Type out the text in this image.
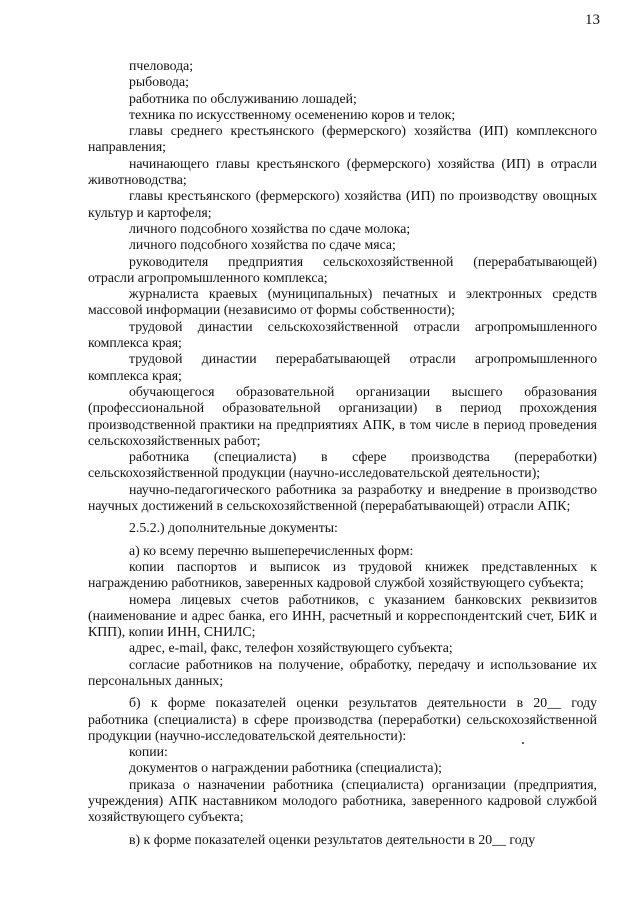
13

пчеловода;

рыбовода;

работника по обслуживанию лошадей;

техника по искусственному осеменению коров и телок;

главы среднего крестьянского (фермерского) хозяйства (ИП) комплексного направления;

начинающего главы крестьянского (фермерского) хозяйства (ИП) в отрасли животноводства;

главы крестьянского (фермерского) хозяйства (ИП) по производству овощных культур и картофеля;

личного подсобного хозяйства по сдаче молока;

личного подсобного хозяйства по сдаче мяса;

руководителя предприятия сельскохозяйственной (перерабатывающей) отрасли агропромышленного комплекса;

журналиста краевых (муниципальных) печатных и электронных средств массовой информации (независимо от формы собственности);

трудовой династии сельскохозяйственной отрасли агропромышленного комплекса края;

трудовой династии перерабатывающей отрасли агропромышленного комплекса края;

обучающегося образовательной организации высшего образования (профессиональной образовательной организации) в период прохождения производственной практики на предприятиях АПК, в том числе в период проведения сельскохозяйственных работ;

работника (специалиста) в сфере производства (переработки) сельскохозяйственной продукции (научно-исследовательской деятельности);

научно-педагогического работника за разработку и внедрение в производство научных достижений в сельскохозяйственной (перерабатывающей) отрасли АПК;

2.5.2.) дополнительные документы:

а) ко всему перечню вышеперечисленных форм:

копии паспортов и выписок из трудовой книжек представленных к награждению работников, заверенных кадровой службой хозяйствующего субъекта;

номера лицевых счетов работников, с указанием банковских реквизитов (наименование и адрес банка, его ИНН, расчетный и корреспондентский счет, БИК и КПП), копии ИНН, СНИЛС;

адрес, e-mail, факс, телефон хозяйствующего субъекта;

согласие работников на получение, обработку, передачу и использование их персональных данных;

б) к форме показателей оценки результатов деятельности в 20__ году работника (специалиста) в сфере производства (переработки) сельскохозяйственной продукции (научно-исследовательской деятельности):

копии:

документов о награждении работника (специалиста);

приказа о назначении работника (специалиста) организации (предприятия, учреждения) АПК наставником молодого работника, заверенного кадровой службой хозяйствующего субъекта;

в) к форме показателей оценки результатов деятельности в 20__ году
